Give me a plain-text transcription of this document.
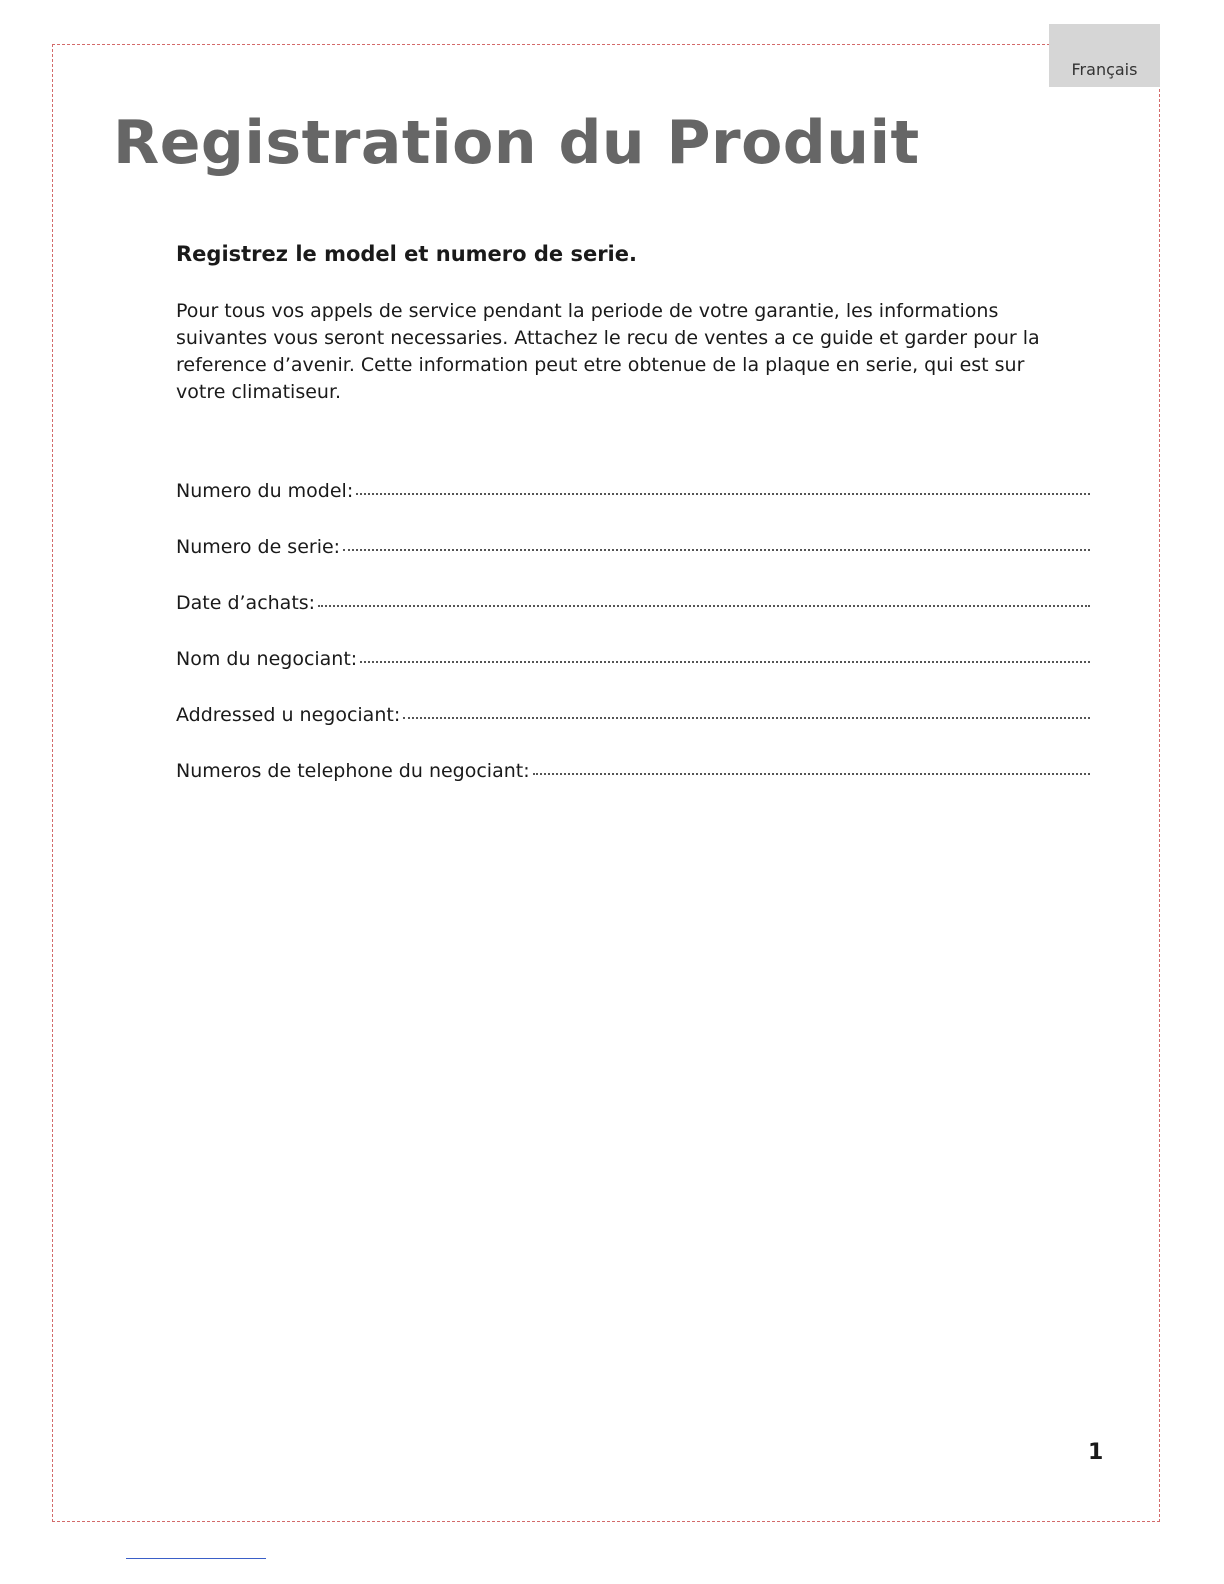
Français
Registration du Produit
Registrez le model et numero de serie.

Pour tous vos appels de service pendant la periode de votre garantie, les informations suivantes vous seront necessaries. Attachez le recu de ventes a ce guide et garder pour la reference d’avenir. Cette information peut etre obtenue de la plaque en serie, qui est sur votre climatiseur.

Numero du model:
Numero de serie:
Date d’achats:
Nom du negociant:
Addressed u negociant:
Numeros de telephone du negociant:
1
